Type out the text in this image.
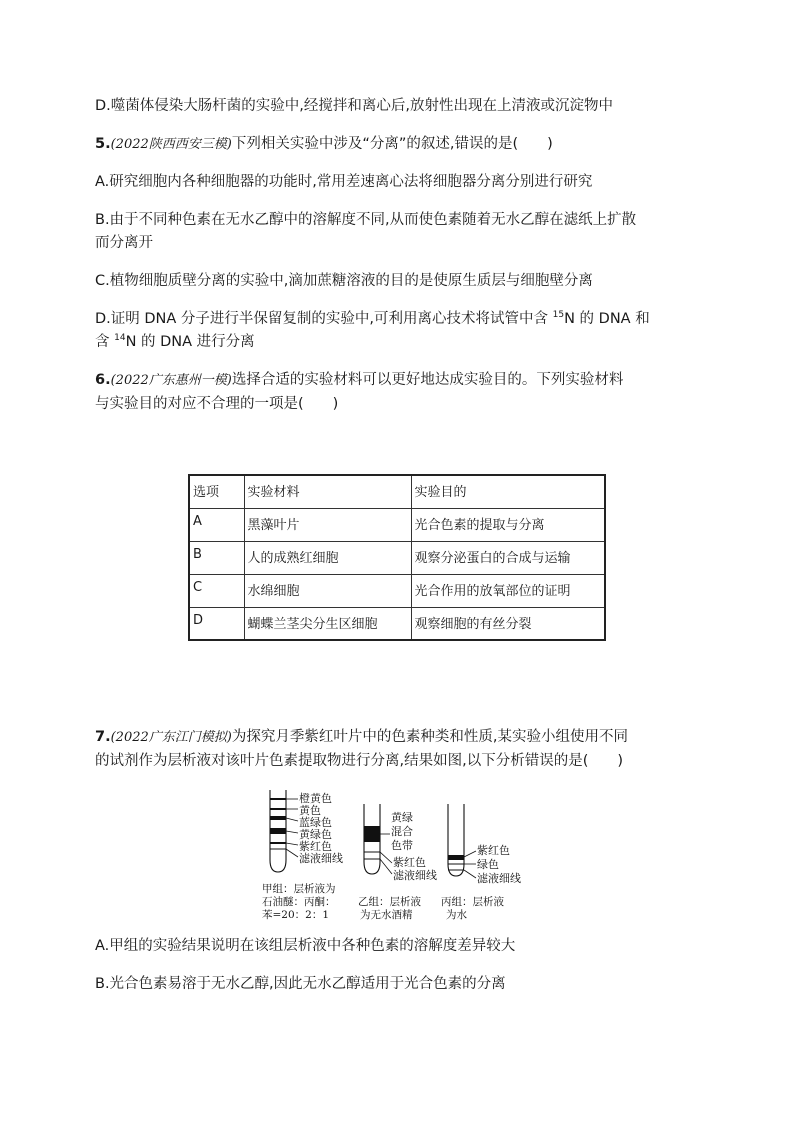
D.噬菌体侵染大肠杆菌的实验中,经搅拌和离心后,放射性出现在上清液或沉淀物中
5.(2022陕西西安三模)下列相关实验中涉及“分离”的叙述,错误的是(　　)
A.研究细胞内各种细胞器的功能时,常用差速离心法将细胞器分离分别进行研究
B.由于不同种色素在无水乙醇中的溶解度不同,从而使色素随着无水乙醇在滤纸上扩散
而分离开
C.植物细胞质壁分离的实验中,滴加蔗糖溶液的目的是使原生质层与细胞壁分离
D.证明 DNA 分子进行半保留复制的实验中,可利用离心技术将试管中含 $^{15}$N 的 DNA 和
含 $^{14}$N 的 DNA 进行分离
6.(2022广东惠州一模)选择合适的实验材料可以更好地达成实验目的。下列实验材料
与实验目的对应不合理的一项是(　　)
选项	实验材料	实验目的
A	黑藻叶片	光合色素的提取与分离
B	人的成熟红细胞	观察分泌蛋白的合成与运输
C	水绵细胞	光合作用的放氧部位的证明
D	蝴蝶兰茎尖分生区细胞	观察细胞的有丝分裂
7.(2022广东江门模拟)为探究月季紫红叶片中的色素种类和性质,某实验小组使用不同
的试剂作为层析液对该叶片色素提取物进行分离,结果如图,以下分析错误的是(　　)
橙黄色
黄色
蓝绿色
黄绿色
紫红色
滤液细线
黄绿
混合
色带
紫红色
滤液细线
紫红色
绿色
滤液细线
甲组：层析液为
石油醚：丙酮：
苯=20：2：1
乙组：层析液
为无水酒精
丙组：层析液
为水
A.甲组的实验结果说明在该组层析液中各种色素的溶解度差异较大
B.光合色素易溶于无水乙醇,因此无水乙醇适用于光合色素的分离
